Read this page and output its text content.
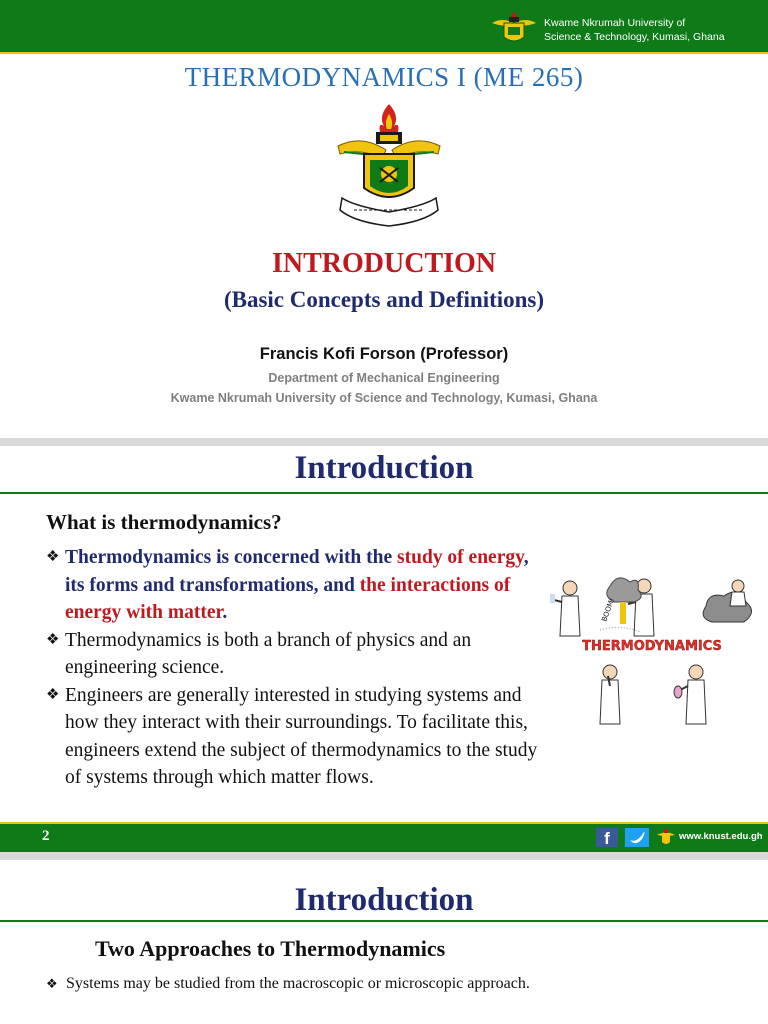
Kwame Nkrumah University of
Science & Technology, Kumasi, Ghana
THERMODYNAMICS I (ME 265)
INTRODUCTION
(Basic Concepts and Definitions)
Francis Kofi Forson (Professor)
Department of Mechanical Engineering
Kwame Nkrumah University of Science and Technology, Kumasi, Ghana
Introduction
What is thermodynamics?
❖ Thermodynamics is concerned with the study of energy, its forms and transformations, and the interactions of energy with matter.
❖ Thermodynamics is both a branch of physics and an engineering science.
❖ Engineers are generally interested in studying systems and how they interact with their surroundings. To facilitate this, engineers extend the subject of thermodynamics to the study of systems through which matter flows.
BOOM!
THERMODYNAMICS
2	f	www.knust.edu.gh
Introduction
Two Approaches to Thermodynamics
❖ Systems may be studied from the macroscopic or microscopic approach.
